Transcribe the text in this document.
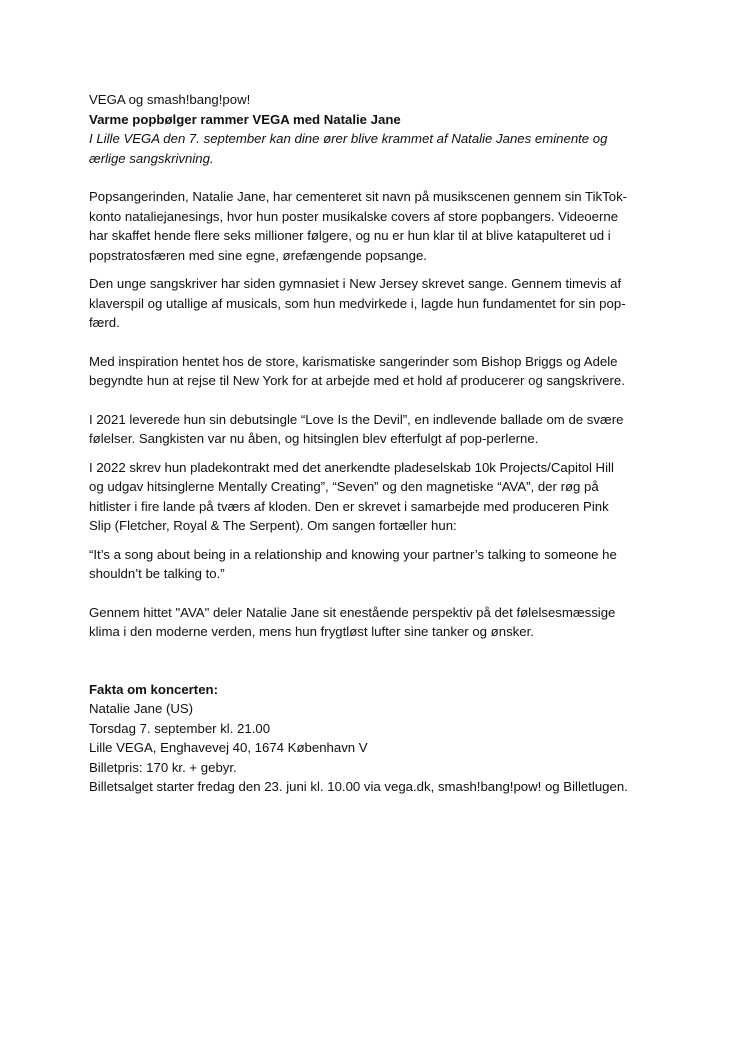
VEGA og smash!bang!pow!
Varme popbølger rammer VEGA med Natalie Jane

I Lille VEGA den 7. september kan dine ører blive krammet af Natalie Janes eminente og
ærlige sangskrivning.

Popsangerinden, Natalie Jane, har cementeret sit navn på musikscenen gennem sin TikTok-
konto nataliejanesings, hvor hun poster musikalske covers af store popbangers. Videoerne
har skaffet hende flere seks millioner følgere, og nu er hun klar til at blive katapulteret ud i
popstratosfæren med sine egne, ørefængende popsange.

Den unge sangskriver har siden gymnasiet i New Jersey skrevet sange. Gennem timevis af
klaverspil og utallige af musicals, som hun medvirkede i, lagde hun fundamentet for sin pop-
færd.

Med inspiration hentet hos de store, karismatiske sangerinder som Bishop Briggs og Adele
begyndte hun at rejse til New York for at arbejde med et hold af producerer og sangskrivere.

I 2021 leverede hun sin debutsingle “Love Is the Devil”, en indlevende ballade om de svære
følelser. Sangkisten var nu åben, og hitsinglen blev efterfulgt af pop-perlerne.

I 2022 skrev hun pladekontrakt med det anerkendte pladeselskab 10k Projects/Capitol Hill
og udgav hitsinglerne Mentally Creating”, “Seven” og den magnetiske “AVA”, der røg på
hitlister i fire lande på tværs af kloden. Den er skrevet i samarbejde med produceren Pink
Slip (Fletcher, Royal & The Serpent). Om sangen fortæller hun:

“It’s a song about being in a relationship and knowing your partner’s talking to someone he
shouldn’t be talking to.”

Gennem hittet "AVA" deler Natalie Jane sit enestående perspektiv på det følelsesmæssige
klima i den moderne verden, mens hun frygtløst lufter sine tanker og ønsker.

Fakta om koncerten:
Natalie Jane (US)
Torsdag 7. september kl. 21.00
Lille VEGA, Enghavevej 40, 1674 København V
Billetpris: 170 kr. + gebyr.
Billetsalget starter fredag den 23. juni kl. 10.00 via vega.dk, smash!bang!pow! og Billetlugen.
